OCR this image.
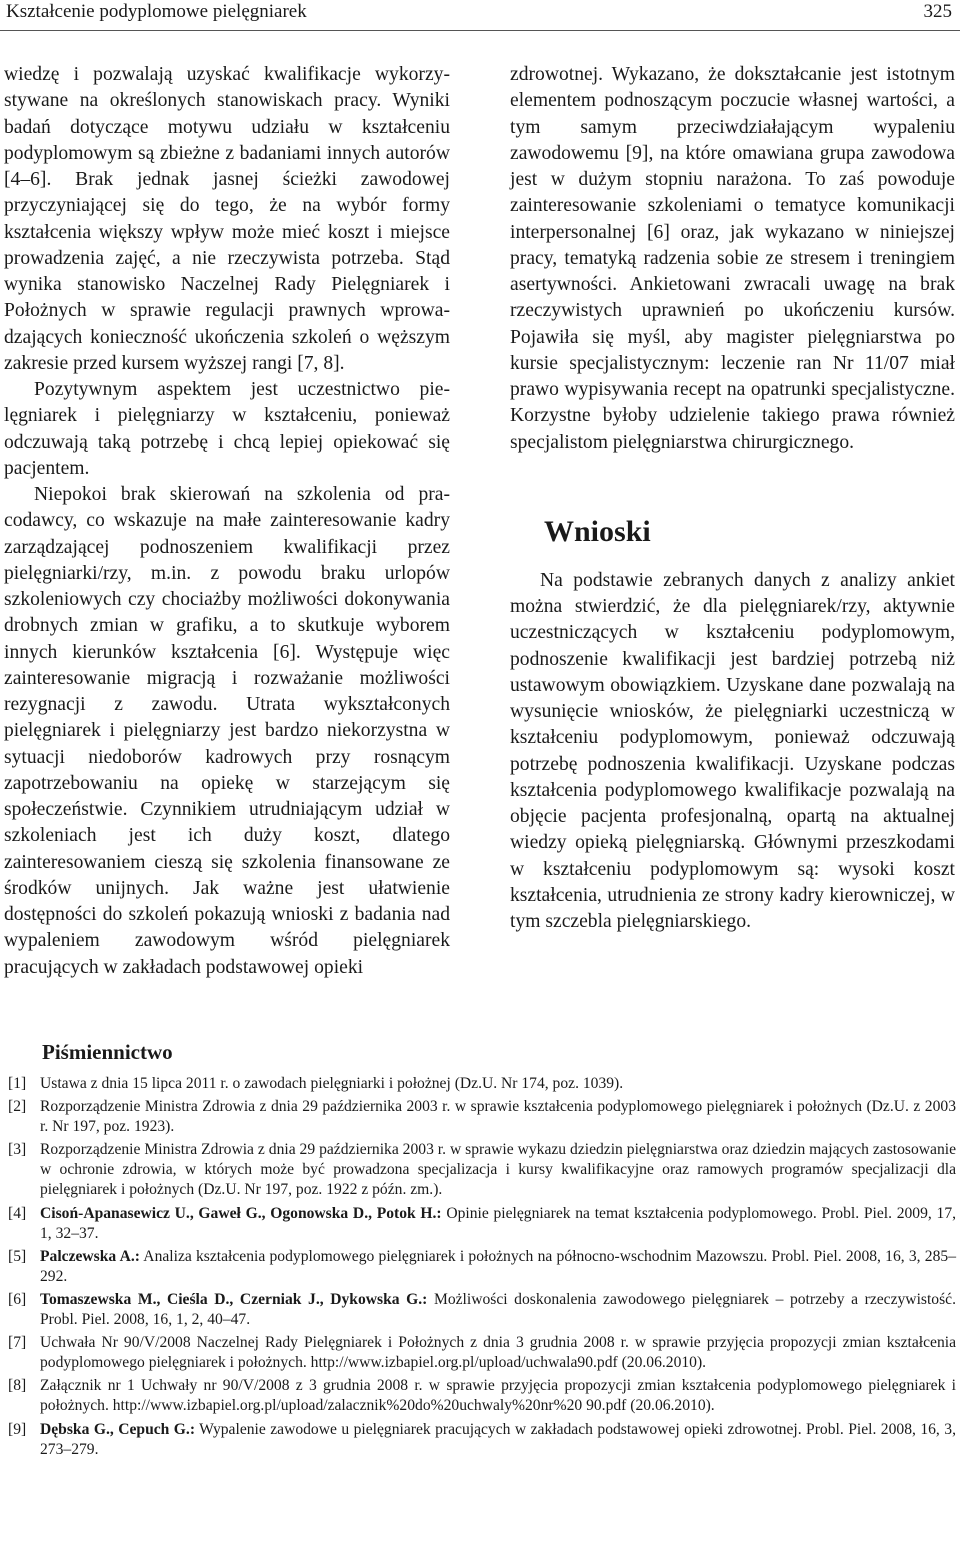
Kształcenie podyplomowe pielęgniarek	325

wiedzę i pozwalają uzyskać kwalifikacje wykorzystywane na określonych stanowiskach pracy. Wyniki badań dotyczące motywu udziału w kształceniu podyplomowym są zbieżne z badaniami innych autorów [4–6]. Brak jednak jasnej ścieżki zawodowej przyczyniającej się do tego, że na wybór formy kształcenia większy wpływ może mieć koszt i miejsce prowadzenia zajęć, a nie rzeczywista potrzeba. Stąd wynika stanowisko Naczelnej Rady Pielęgniarek i Położnych w sprawie regulacji prawnych wprowadzających konieczność ukończenia szkoleń o węższym zakresie przed kursem wyższej rangi [7, 8].

Pozytywnym aspektem jest uczestnictwo pielęgniarek i pielęgniarzy w kształceniu, ponieważ odczuwają taką potrzebę i chcą lepiej opiekować się pacjentem.

Niepokoi brak skierowań na szkolenia od pracodawcy, co wskazuje na małe zainteresowanie kadry zarządzającej podnoszeniem kwalifikacji przez pielęgniarki/rzy, m.in. z powodu braku urlopów szkoleniowych czy chociażby możliwości dokonywania drobnych zmian w grafiku, a to skutkuje wyborem innych kierunków kształcenia [6]. Występuje więc zainteresowanie migracją i rozważanie możliwości rezygnacji z zawodu. Utrata wykształconych pielęgniarek i pielęgniarzy jest bardzo niekorzystna w sytuacji niedoborów kadrowych przy rosnącym zapotrzebowaniu na opiekę w starzejącym się społeczeństwie. Czynnikiem utrudniającym udział w szkoleniach jest ich duży koszt, dlatego zainteresowaniem cieszą się szkolenia finansowane ze środków unijnych. Jak ważne jest ułatwienie dostępności do szkoleń pokazują wnioski z badania nad wypaleniem zawodowym wśród pielęgniarek pracujących w zakładach podstawowej opieki

zdrowotnej. Wykazano, że dokształcanie jest istotnym elementem podnoszącym poczucie własnej wartości, a tym samym przeciwdziałającym wypaleniu zawodowemu [9], na które omawiana grupa zawodowa jest w dużym stopniu narażona. To zaś powoduje zainteresowanie szkoleniami o tematyce komunikacji interpersonalnej [6] oraz, jak wykazano w niniejszej pracy, tematyką radzenia sobie ze stresem i treningiem asertywności. Ankietowani zwracali uwagę na brak rzeczywistych uprawnień po ukończeniu kursów. Pojawiła się myśl, aby magister pielęgniarstwa po kursie specjalistycznym: leczenie ran Nr 11/07 miał prawo wypisywania recept na opatrunki specjalistyczne. Korzystne byłoby udzielenie takiego prawa również specjalistom pielęgniarstwa chirurgicznego.

Wnioski

Na podstawie zebranych danych z analizy ankiet można stwierdzić, że dla pielęgniarek/rzy, aktywnie uczestniczących w kształceniu podyplomowym, podnoszenie kwalifikacji jest bardziej potrzebą niż ustawowym obowiązkiem. Uzyskane dane pozwalają na wysunięcie wniosków, że pielęgniarki uczestniczą w kształceniu podyplomowym, ponieważ odczuwają potrzebę podnoszenia kwalifikacji. Uzyskane podczas kształcenia podyplomowego kwalifikacje pozwalają na objęcie pacjenta profesjonalną, opartą na aktualnej wiedzy opieką pielęgniarską. Głównymi przeszkodami w kształceniu podyplomowym są: wysoki koszt kształcenia, utrudnienia ze strony kadry kierowniczej, w tym szczebla pielęgniarskiego.

Piśmiennictwo
[1] Ustawa z dnia 15 lipca 2011 r. o zawodach pielęgniarki i położnej (Dz.U. Nr 174, poz. 1039).
[2] Rozporządzenie Ministra Zdrowia z dnia 29 października 2003 r. w sprawie kształcenia podyplomowego pielęgniarek i położnych (Dz.U. z 2003 r. Nr 197, poz. 1923).
[3] Rozporządzenie Ministra Zdrowia z dnia 29 października 2003 r. w sprawie wykazu dziedzin pielęgniarstwa oraz dziedzin mających zastosowanie w ochronie zdrowia, w których może być prowadzona specjalizacja i kursy kwalifikacyjne oraz ramowych programów specjalizacji dla pielęgniarek i położnych (Dz.U. Nr 197, poz. 1922 z późn. zm.).
[4] Cisoń-Apanasewicz U., Gaweł G., Ogonowska D., Potok H.: Opinie pielęgniarek na temat kształcenia podyplomowego. Probl. Piel. 2009, 17, 1, 32–37.
[5] Palczewska A.: Analiza kształcenia podyplomowego pielęgniarek i położnych na północno-wschodnim Mazowszu. Probl. Piel. 2008, 16, 3, 285–292.
[6] Tomaszewska M., Cieśla D., Czerniak J., Dykowska G.: Możliwości doskonalenia zawodowego pielęgniarek – potrzeby a rzeczywistość. Probl. Piel. 2008, 16, 1, 2, 40–47.
[7] Uchwała Nr 90/V/2008 Naczelnej Rady Pielęgniarek i Położnych z dnia 3 grudnia 2008 r. w sprawie przyjęcia propozycji zmian kształcenia podyplomowego pielęgniarek i położnych. http://www.izbapiel.org.pl/upload/uchwala90.pdf (20.06.2010).
[8] Załącznik nr 1 Uchwały nr 90/V/2008 z 3 grudnia 2008 r. w sprawie przyjęcia propozycji zmian kształcenia podyplomowego pielęgniarek i położnych. http://www.izbapiel.org.pl/upload/zalacznik%20do%20uchwaly%20nr%20 90.pdf (20.06.2010).
[9] Dębska G., Cepuch G.: Wypalenie zawodowe u pielęgniarek pracujących w zakładach podstawowej opieki zdrowotnej. Probl. Piel. 2008, 16, 3, 273–279.
